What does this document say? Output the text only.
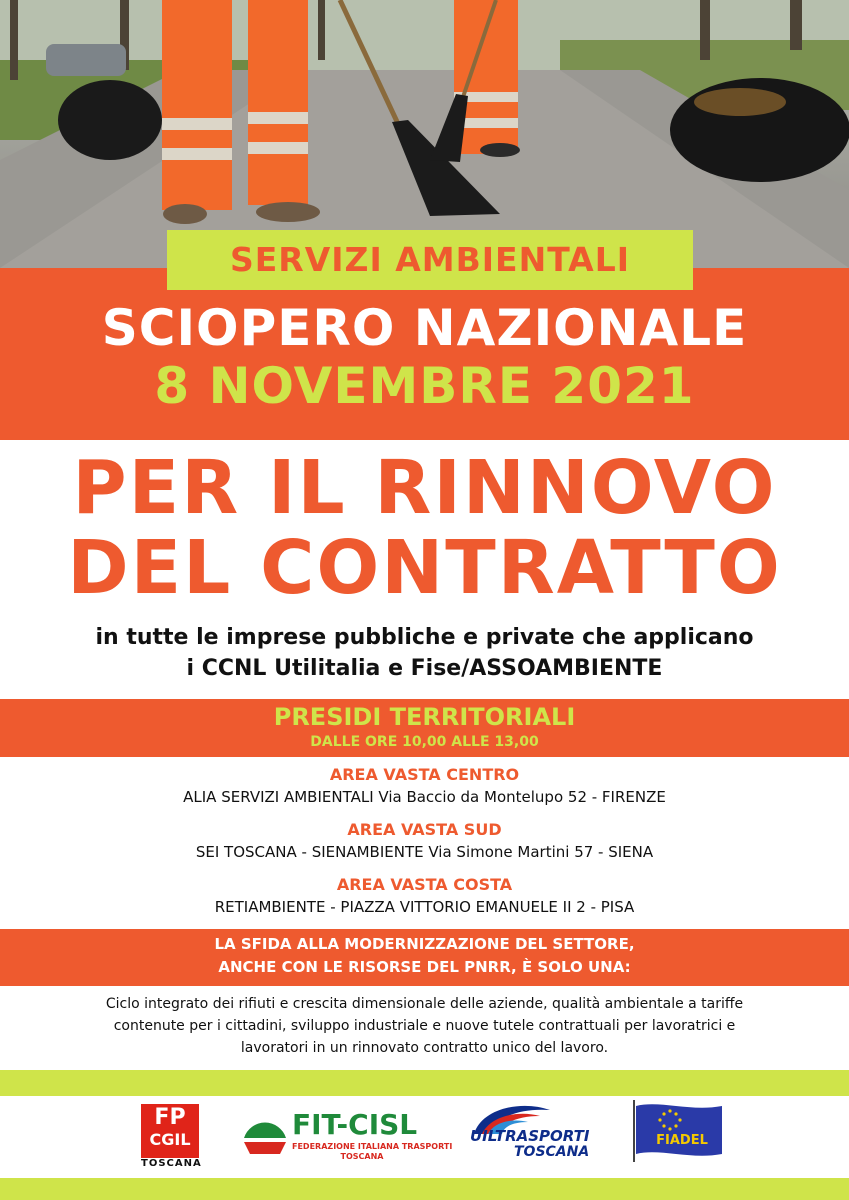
SERVIZI AMBIENTALI
SCIOPERO NAZIONALE
8 NOVEMBRE 2021
PER IL RINNOVO
DEL CONTRATTO
in tutte le imprese pubbliche e private che applicano
i CCNL Utilitalia e Fise/ASSOAMBIENTE
PRESIDI TERRITORIALI
DALLE ORE 10,00 ALLE 13,00
AREA VASTA CENTRO
ALIA SERVIZI AMBIENTALI Via Baccio da Montelupo 52 - FIRENZE
AREA VASTA SUD
SEI TOSCANA - SIENAMBIENTE Via Simone Martini 57 - SIENA
AREA VASTA COSTA
RETIAMBIENTE - PIAZZA VITTORIO EMANUELE II 2 - PISA
LA SFIDA ALLA MODERNIZZAZIONE DEL SETTORE,
ANCHE CON LE RISORSE DEL PNRR, È SOLO UNA:
Ciclo integrato dei rifiuti e crescita dimensionale delle aziende, qualità ambientale a tariffe
contenute per i cittadini, sviluppo industriale e nuove tutele contrattuali per lavoratrici e
lavoratori in un rinnovato contratto unico del lavoro.
FP
CGIL
TOSCANA
FIT-CISL
FEDERAZIONE ITALIANA TRASPORTI
TOSCANA
UILTRASPORTI
TOSCANA
FIADEL
